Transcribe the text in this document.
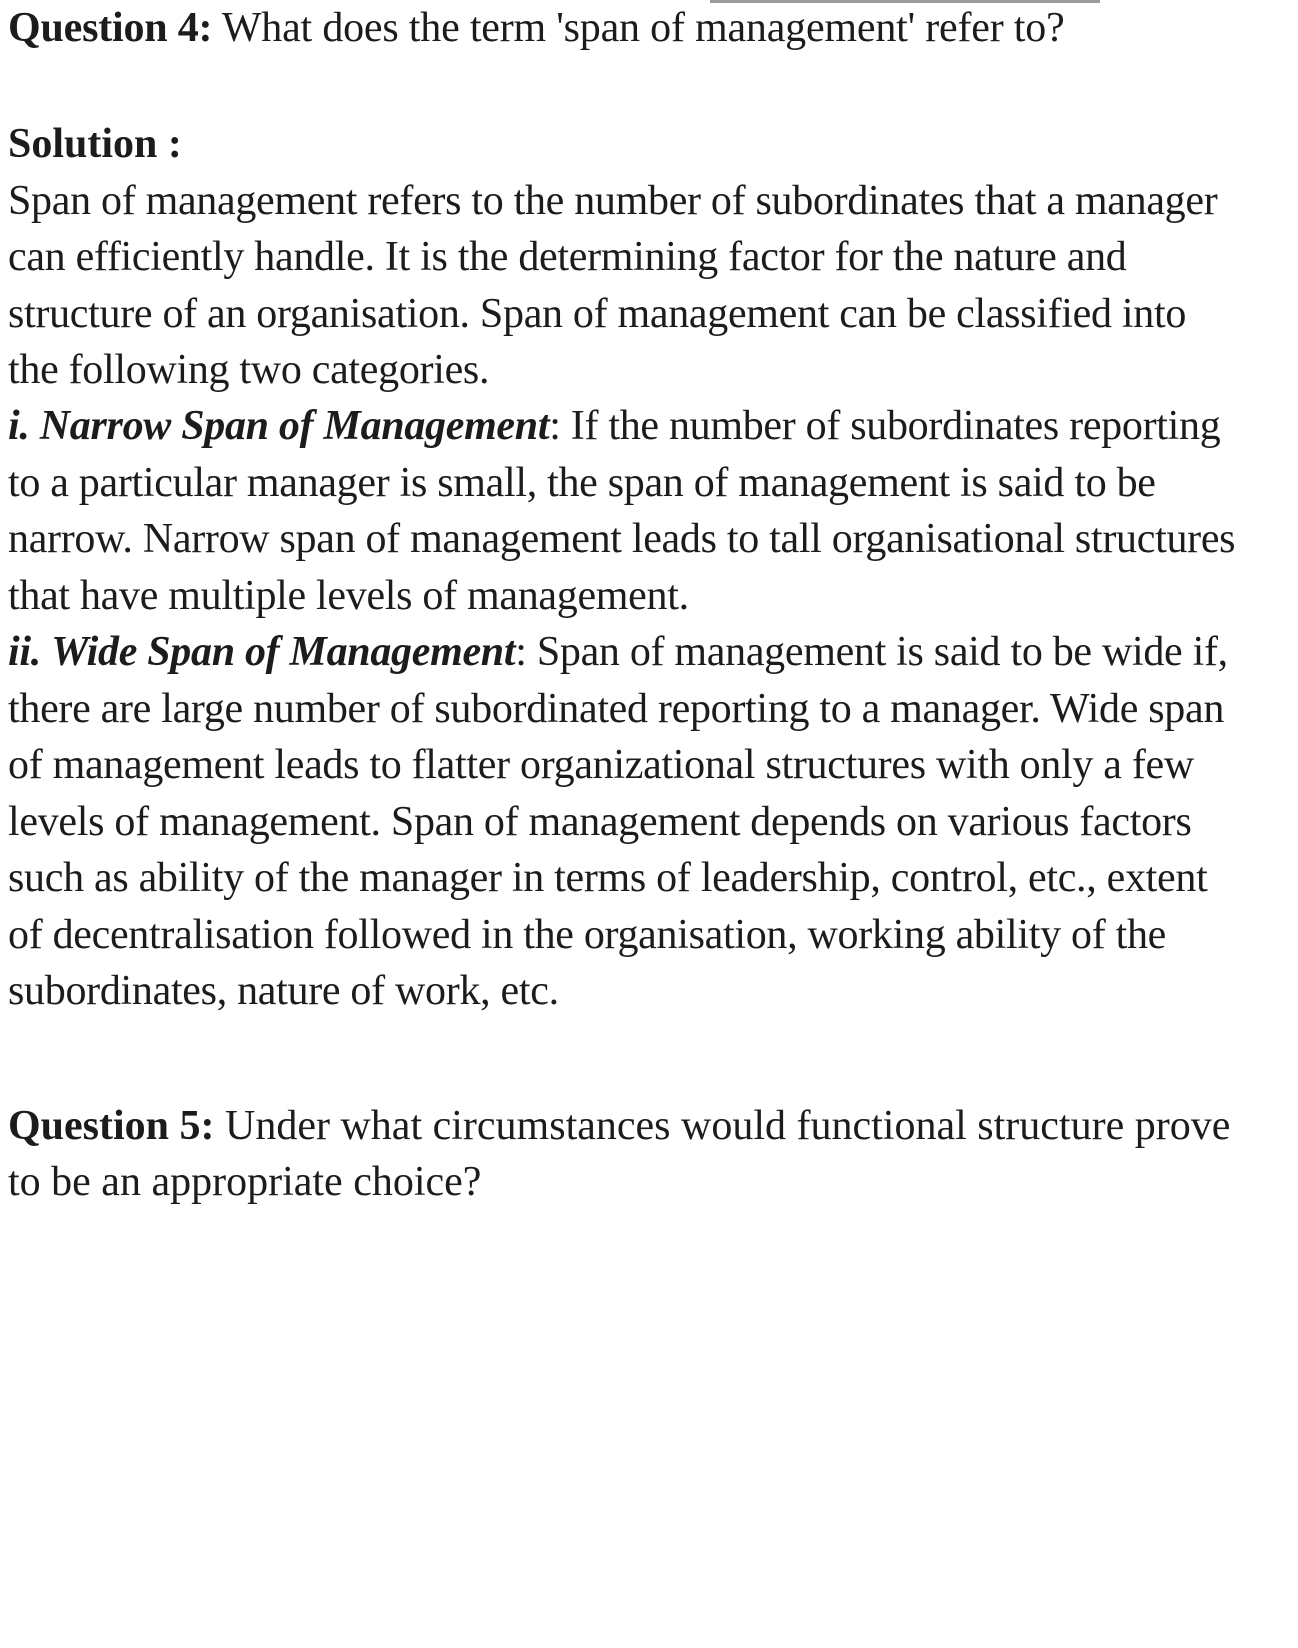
Question 4: What does the term 'span of management' refer to?
Solution :
Span of management refers to the number of subordinates that a manager can efficiently handle. It is the determining factor for the nature and structure of an organisation. Span of management can be classified into the following two categories.
i. Narrow Span of Management: If the number of subordinates reporting to a particular manager is small, the span of management is said to be narrow. Narrow span of management leads to tall organisational structures that have multiple levels of management.
ii. Wide Span of Management: Span of management is said to be wide if, there are large number of subordinated reporting to a manager. Wide span of management leads to flatter organizational structures with only a few levels of management. Span of management depends on various factors such as ability of the manager in terms of leadership, control, etc., extent of decentralisation followed in the organisation, working ability of the subordinates, nature of work, etc.
Question 5: Under what circumstances would functional structure prove to be an appropriate choice?
